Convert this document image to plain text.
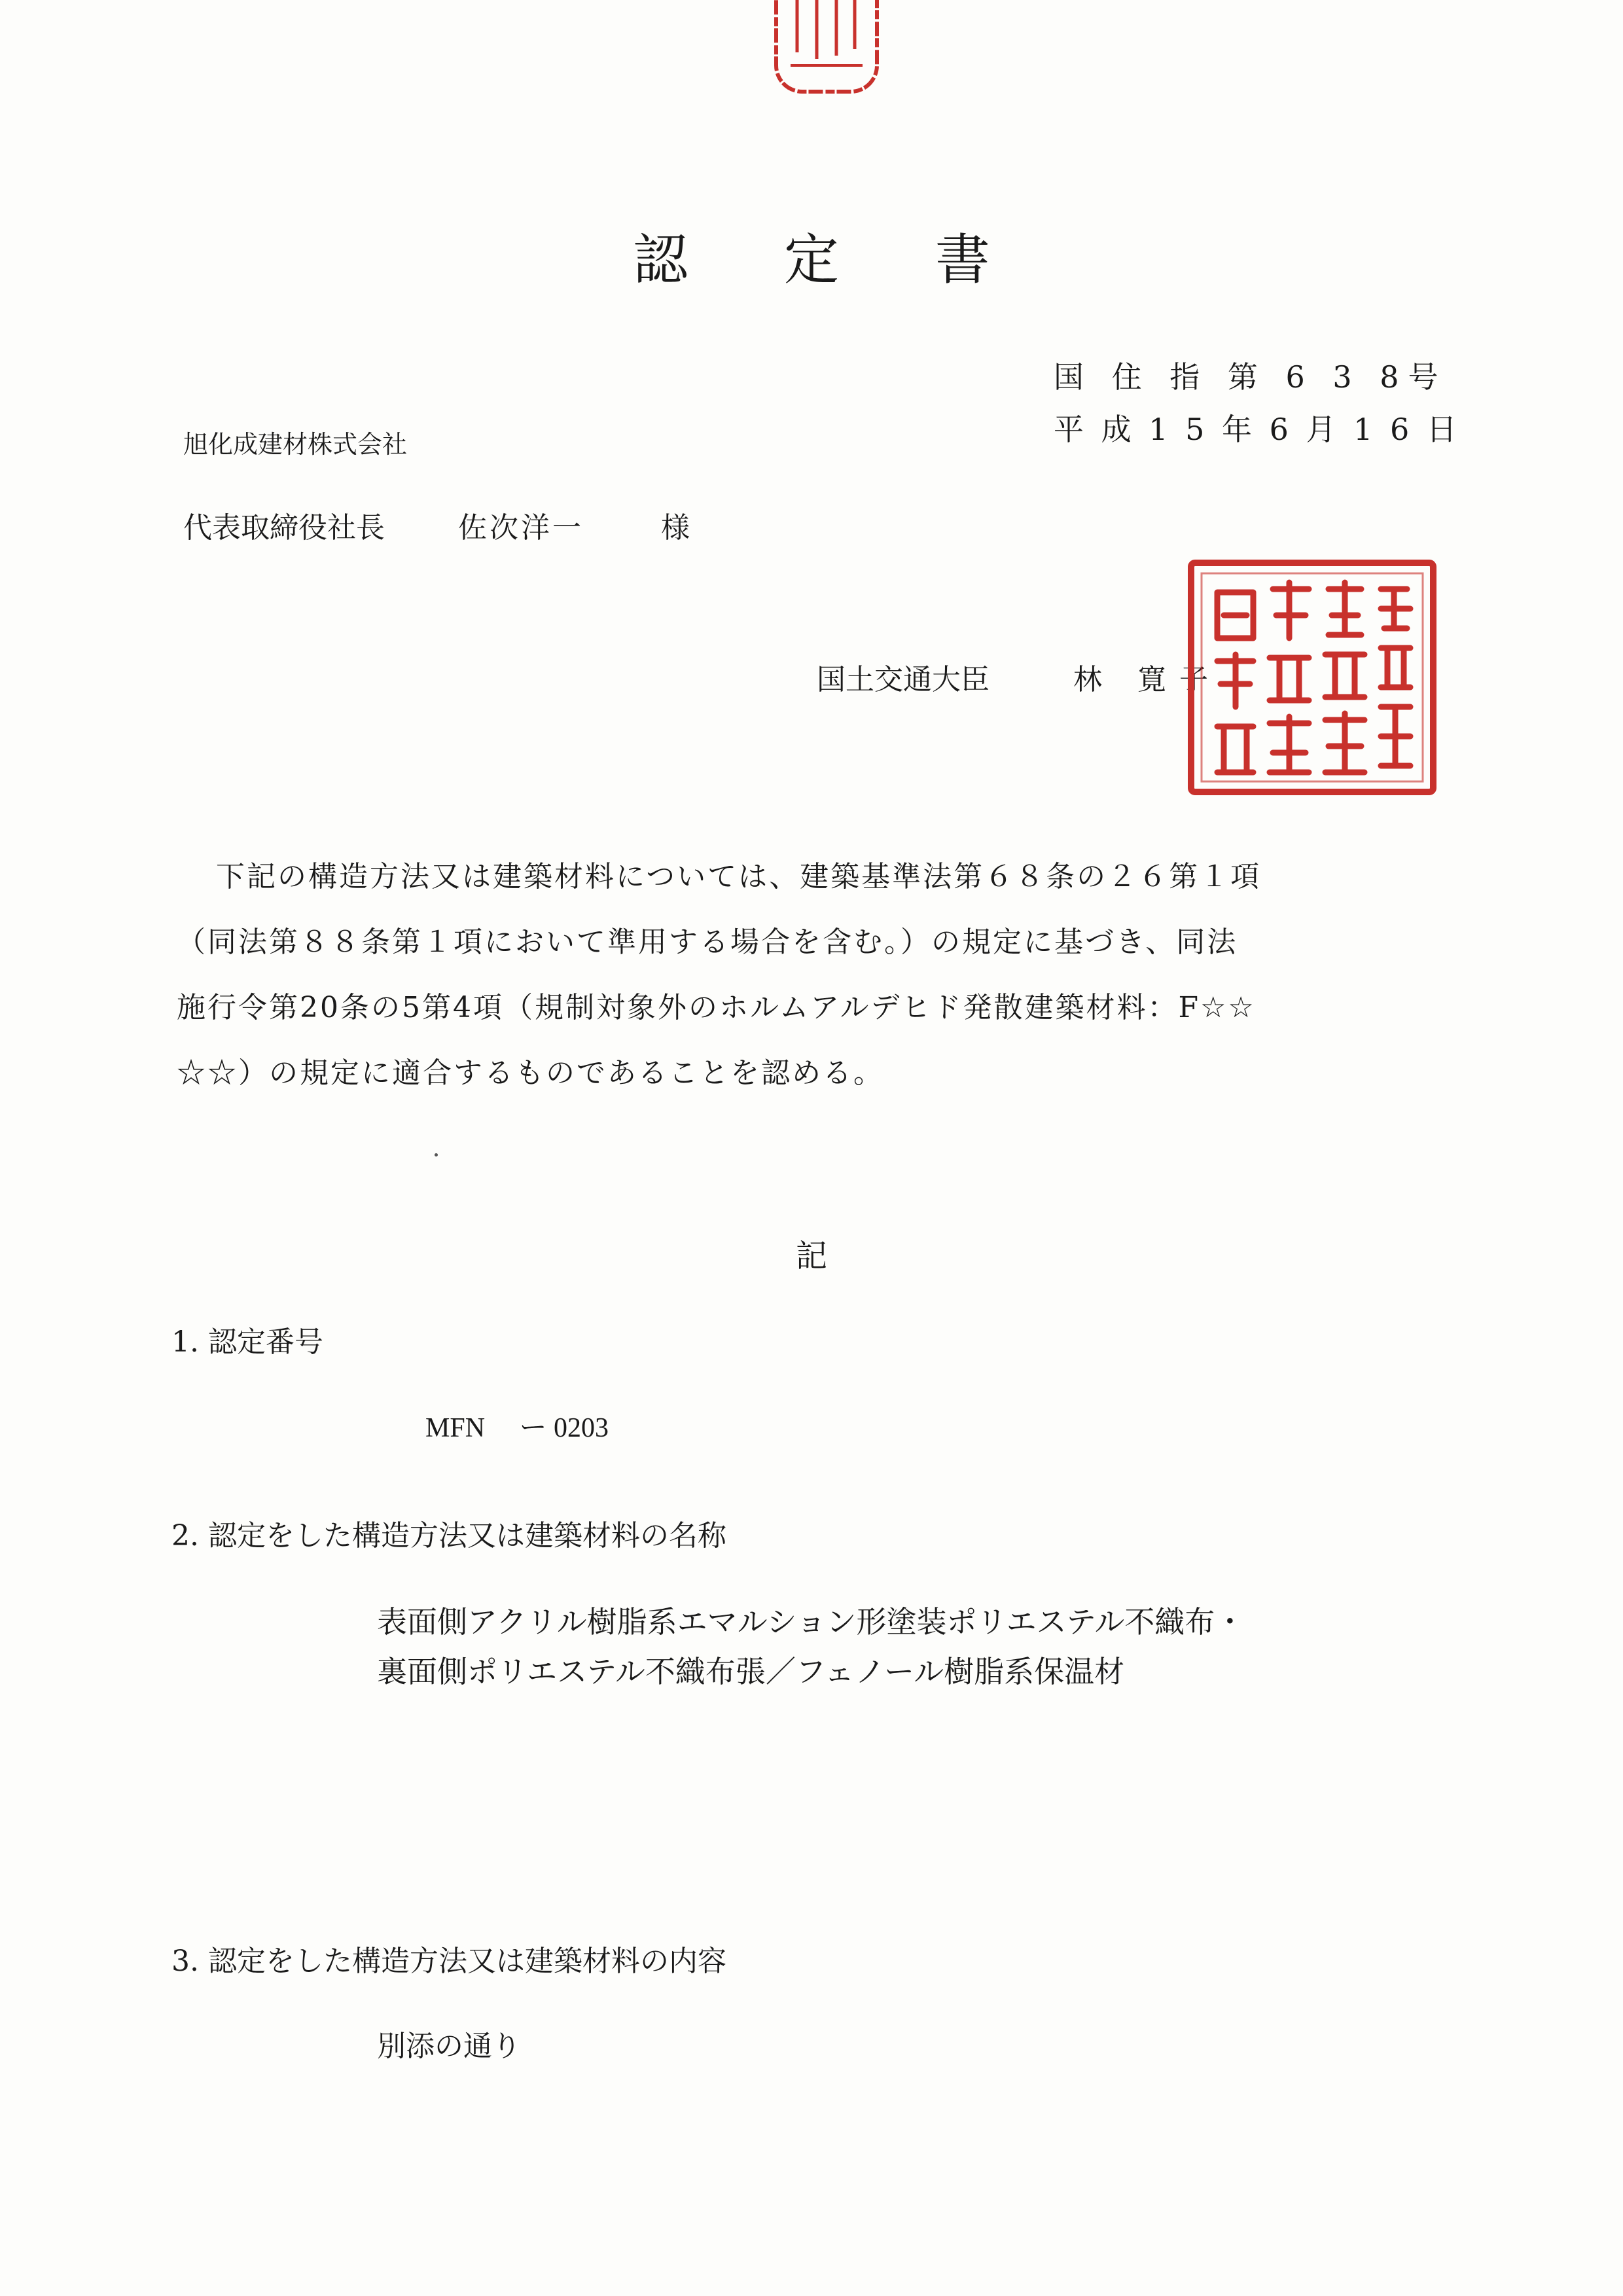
認 定 書
国 住 指 第 6 3 8号
平 成 1 5 年 6 月 1 6 日
旭化成建材株式会社
代表取締役社長	佐次洋一	様
国土交通大臣	林 寛子
下記の構造方法又は建築材料については、建築基準法第６８条の２６第１項
（同法第８８条第１項において準用する場合を含む。）の規定に基づき、同法
施行令第20条の5第4項（規制対象外のホルムアルデヒド発散建築材料：F☆☆
☆☆）の規定に適合するものであることを認める。
記
1. 認定番号
MFN　 ー 0203
2. 認定をした構造方法又は建築材料の名称
表面側アクリル樹脂系エマルション形塗装ポリエステル不織布・
裏面側ポリエステル不織布張／フェノール樹脂系保温材
3. 認定をした構造方法又は建築材料の内容
別添の通り
